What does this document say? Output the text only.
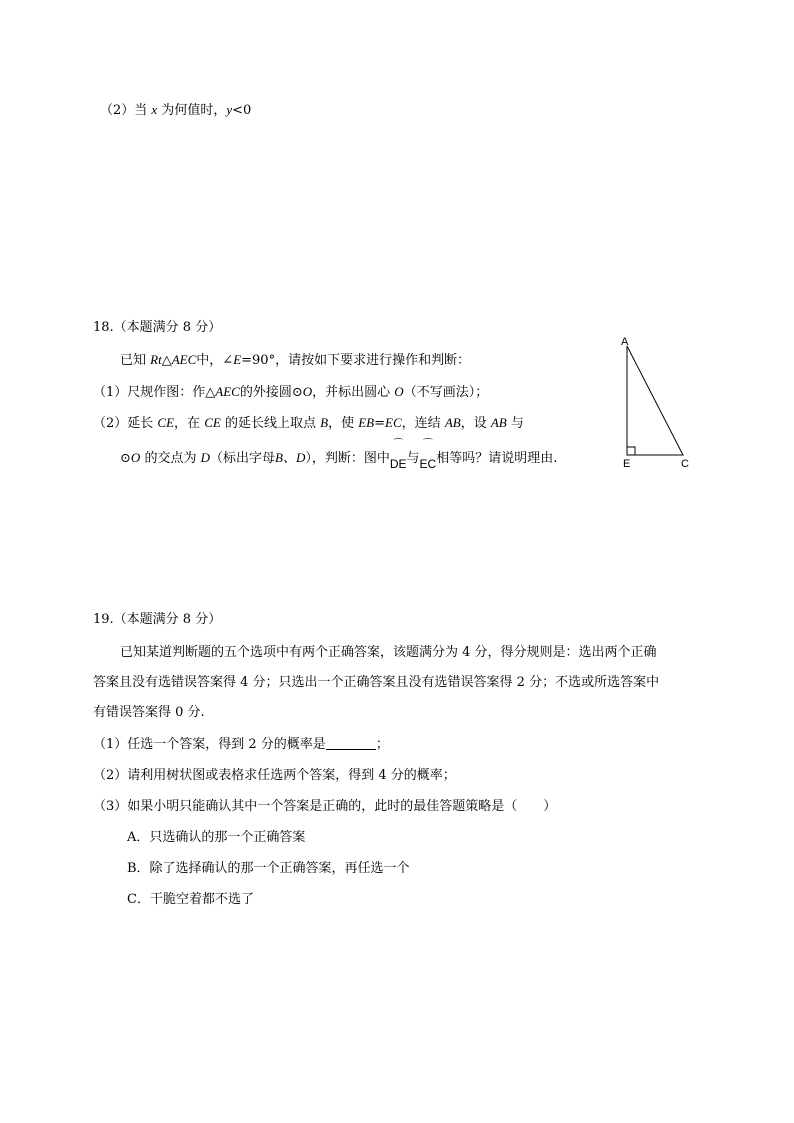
（2）当 x 为何值时，y<0
18.（本题满分 8 分）
已知 Rt△AEC中，∠E=90°，请按如下要求进行操作和判断：
（1）尺规作图：作△AEC的外接圆⊙O，并标出圆心 O（不写画法）；
（2）延长 CE，在 CE 的延长线上取点 B，使 EB=EC，连结 AB，设 AB 与
⊙O 的交点为 D（标出字母B、D），判断：图中
⌒
DE与
⌒
EC相等吗？请说明理由.
A
E	C
19.（本题满分 8 分）
已知某道判断题的五个选项中有两个正确答案，该题满分为 4 分，得分规则是：选出两个正确
答案且没有选错误答案得 4 分；只选出一个正确答案且没有选错误答案得 2 分；不选或所选答案中
有错误答案得 0 分.
（1）任选一个答案，得到 2 分的概率是	；
（2）请利用树状图或表格求任选两个答案，得到 4 分的概率；
（3）如果小明只能确认其中一个答案是正确的，此时的最佳答题策略是（　　）
A．只选确认的那一个正确答案
B．除了选择确认的那一个正确答案，再任选一个
C．干脆空着都不选了
